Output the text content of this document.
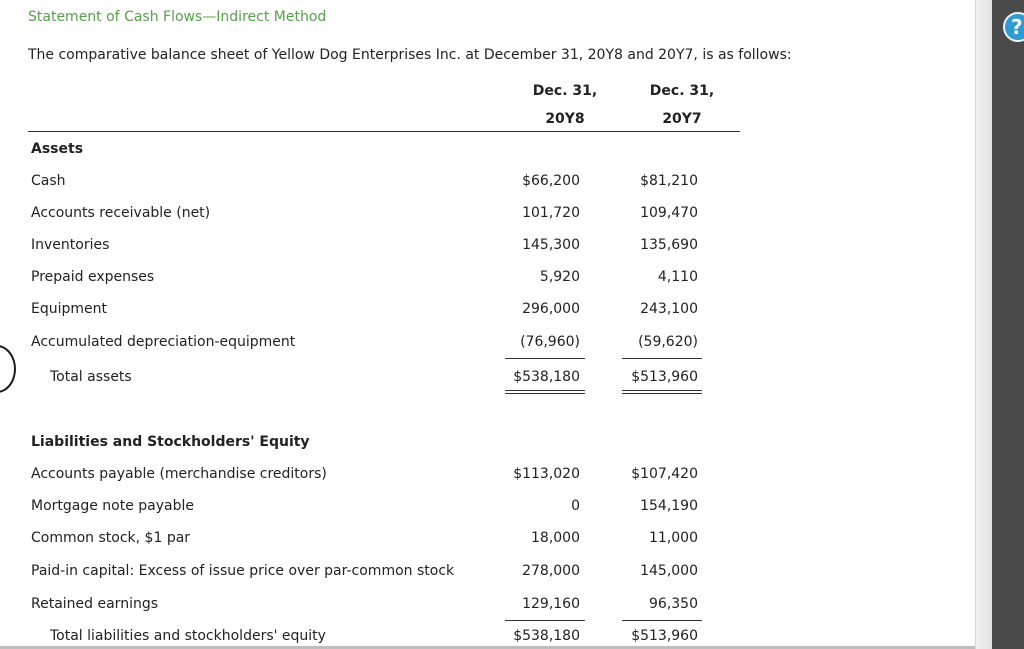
Statement of Cash Flows—Indirect Method
The comparative balance sheet of Yellow Dog Enterprises Inc. at December 31, 20Y8 and 20Y7, is as follows:
Dec. 31,
20Y8
Dec. 31,
20Y7
Assets
Cash	$66,200	$81,210
Accounts receivable (net)	101,720	109,470
Inventories	145,300	135,690
Prepaid expenses	5,920	4,110
Equipment	296,000	243,100
Accumulated depreciation-equipment	(76,960)	(59,620)
Total assets	$538,180	$513,960
Liabilities and Stockholders' Equity
Accounts payable (merchandise creditors)	$113,020	$107,420
Mortgage note payable	0	154,190
Common stock, $1 par	18,000	11,000
Paid-in capital: Excess of issue price over par-common stock	278,000	145,000
Retained earnings	129,160	96,350
Total liabilities and stockholders' equity	$538,180	$513,960
?
